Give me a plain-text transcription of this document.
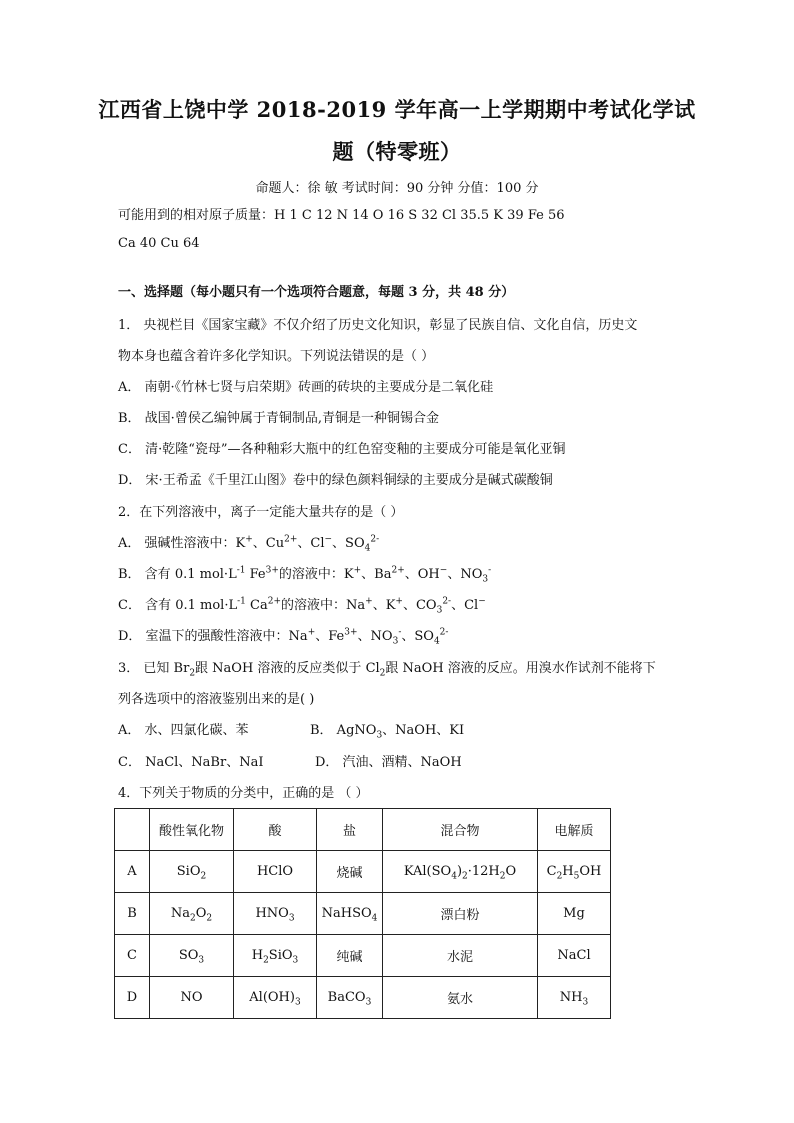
江西省上饶中学 2018-2019 学年高一上学期期中考试化学试
题（特零班）
命题人：徐 敏 考试时间：90 分钟 分值：100 分
可能用到的相对原子质量：H 1 C 12 N 14 O 16 S 32 Cl 35.5 K 39 Fe 56
Ca 40 Cu 64
一、选择题（每小题只有一个选项符合题意，每题 3 分，共 48 分）
1． 央视栏目《国家宝藏》不仅介绍了历史文化知识，彰显了民族自信、文化自信，历史文
物本身也蕴含着许多化学知识。下列说法错误的是（ ）
A． 南朝·《竹林七贤与启荣期》砖画的砖块的主要成分是二氧化硅
B． 战国·曾侯乙编钟属于青铜制品,青铜是一种铜锡合金
C． 清·乾隆“瓷母”—各种釉彩大瓶中的红色窑变釉的主要成分可能是氧化亚铜
D． 宋·王希孟《千里江山图》卷中的绿色颜料铜绿的主要成分是碱式碳酸铜
2．在下列溶液中，离子一定能大量共存的是（ ）
A． 强碱性溶液中：K+、$Cu^{2+}$、Cl−、$SO_4^{2-}$
B． 含有 0.1 $mol\cdot L^{-1}$ $Fe^{3+}$的溶液中：K+、$Ba^{2+}$、OH−、$NO_3^-$
C． 含有 0.1 $mol\cdot L^{-1}$ $Ca^{2+}$的溶液中：Na+、K+、$CO_3^{2-}$、Cl−
D． 室温下的强酸性溶液中：Na+、$Fe^{3+}$、$NO_3^-$、$SO_4^{2-}$
3． 已知 $Br_2$跟 NaOH 溶液的反应类似于 $Cl_2$跟 NaOH 溶液的反应。用溴水作试剂不能将下
列各选项中的溶液鉴别出来的是( )
A． 水、四氯化碳、苯	B． AgNO$_3$、NaOH、KI
C． NaCl、NaBr、NaI	D． 汽油、酒精、NaOH
4．下列关于物质的分类中，正确的是 （ ）
	酸性氧化物	酸	盐	混合物	电解质
A	SiO$_2$	HClO	烧碱	$KAl(SO_4)_2\cdot 12H_2O$	$C_2H_5OH$
B	$Na_2O_2$	$HNO_3$	NaHSO$_4$	漂白粉	Mg
C	$SO_3$	$H_2SiO_3$	纯碱	水泥	NaCl
D	NO	$Al(OH)_3$	BaCO$_3$	氨水	$NH_3$
